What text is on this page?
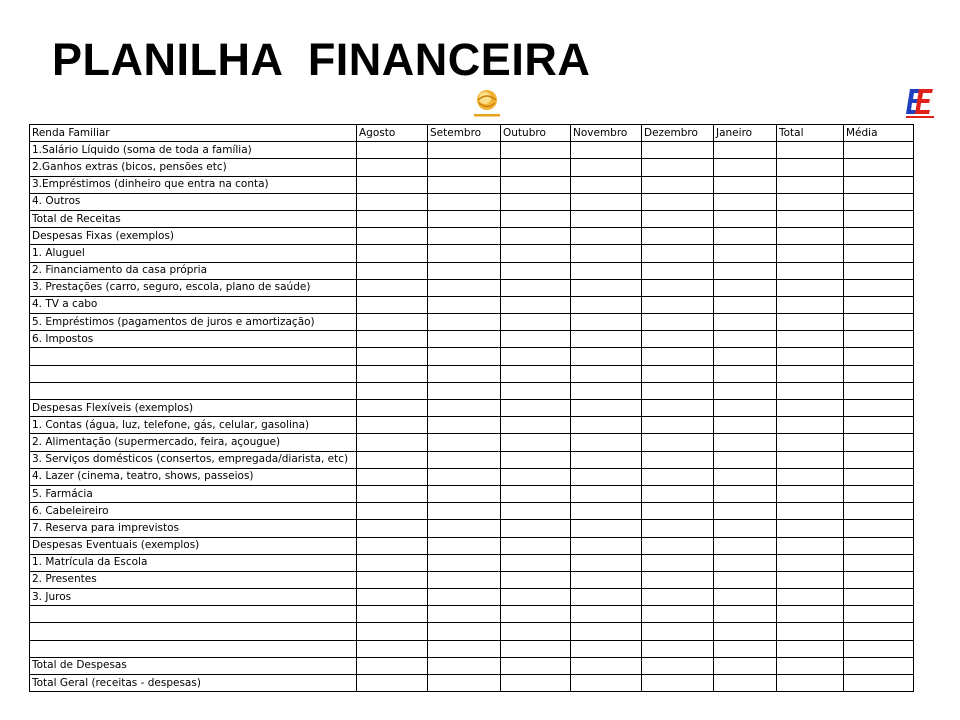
PLANILHA  FINANCEIRA
Renda Familiar	Agosto	Setembro	Outubro	Novembro	Dezembro	Janeiro	Total	Média
1.Salário Líquido (soma de toda a família)								
2.Ganhos extras (bicos, pensões etc)								
3.Empréstimos (dinheiro que entra na conta)								
4. Outros								
Total de Receitas								
Despesas Fixas (exemplos)								
1. Aluguel								
2. Financiamento da casa própria								
3. Prestações (carro, seguro, escola, plano de saúde)								
4. TV a cabo								
5. Empréstimos (pagamentos de juros e amortização)								
6. Impostos								

Despesas Flexíveis (exemplos)								
1. Contas (água, luz, telefone, gás, celular, gasolina)								
2. Alimentação (supermercado, feira, açougue)								
3. Serviços domésticos (consertos, empregada/diarista, etc)								
4. Lazer (cinema, teatro, shows, passeios)								
5. Farmácia								
6. Cabeleireiro								
7. Reserva para imprevistos								
Despesas Eventuais (exemplos)								
1. Matrícula da Escola								
2. Presentes								
3. Juros								

Total de Despesas								
Total Geral (receitas - despesas)								
